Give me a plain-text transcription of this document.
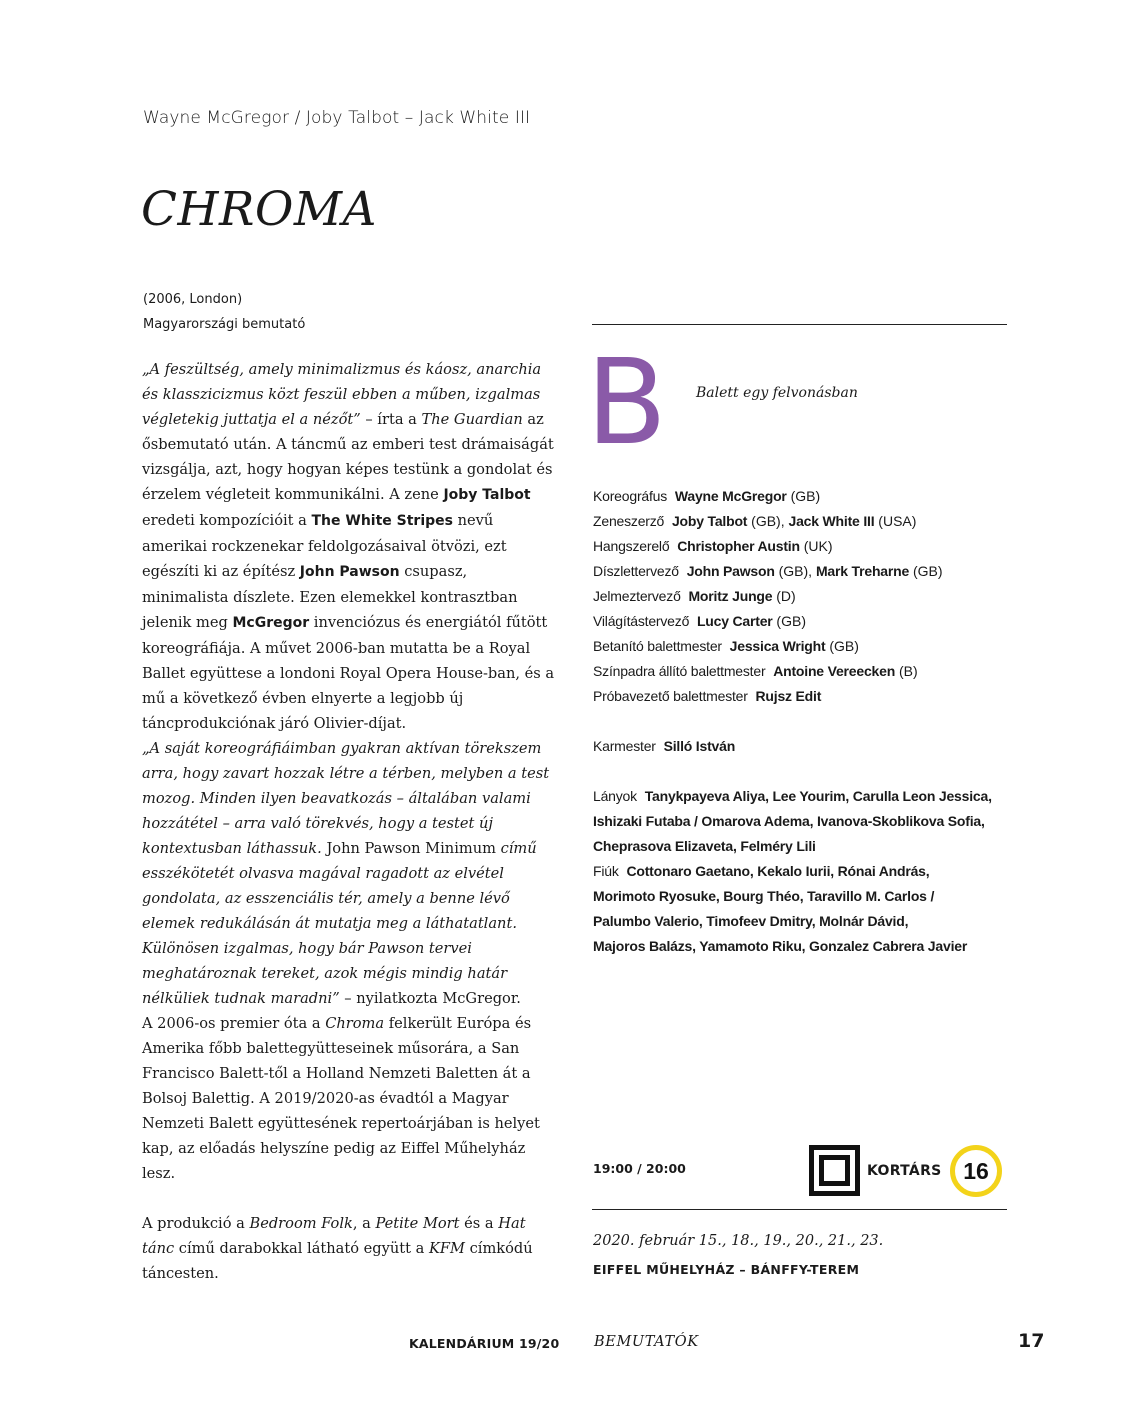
Wayne McGregor / Joby Talbot – Jack White III
CHROMA
(2006, London)
Magyarországi bemutató

„A feszültség, amely minimalizmus és káosz, anarchia és klasszicizmus közt feszül ebben a műben, izgalmas végletekig juttatja el a nézőt” – írta a The Guardian az ősbemutató után. A táncmű az emberi test drámaiságát vizsgálja, azt, hogy hogyan képes testünk a gondolat és érzelem végleteit kommunikálni. A zene Joby Talbot eredeti kompozícióit a The White Stripes nevű amerikai rockzenekar feldolgozásaival ötvözi, ezt egészíti ki az építész John Pawson csupasz, minimalista díszlete. Ezen elemekkel kontrasztban jelenik meg McGregor invenciózus és energiától fűtött koreográfiája. A művet 2006-ban mutatta be a Royal Ballet együttese a londoni Royal Opera House-ban, és a mű a következő évben elnyerte a legjobb új táncprodukciónak járó Olivier-díjat.

„A saját koreográfiáimban gyakran aktívan törekszem arra, hogy zavart hozzak létre a térben, melyben a test mozog. Minden ilyen beavatkozás – általában valami hozzátétel – arra való törekvés, hogy a testet új kontextusban láthassuk. John Pawson Minimum című esszékötetét olvasva magával ragadott az elvétel gondolata, az esszenciális tér, amely a benne lévő elemek redukálásán át mutatja meg a láthatatlant. Különösen izgalmas, hogy bár Pawson tervei meghatároznak tereket, azok mégis mindig határ nélküliek tudnak maradni” – nyilatkozta McGregor.

A 2006-os premier óta a Chroma felkerült Európa és Amerika főbb balettegyütteseinek műsorára, a San Francisco Balett-től a Holland Nemzeti Baletten át a Bolsoj Balettig. A 2019/2020-as évadtól a Magyar Nemzeti Balett együttesének repertoárjában is helyet kap, az előadás helyszíne pedig az Eiffel Műhelyház lesz.

A produkció a Bedroom Folk, a Petite Mort és a Hat tánc című darabokkal látható együtt a KFM címkódú táncesten.

B Balett egy felvonásban
Koreográfus Wayne McGregor (GB)
Zeneszerző Joby Talbot (GB), Jack White III (USA)
Hangszerelő Christopher Austin (UK)
Díszlettervező John Pawson (GB), Mark Treharne (GB)
Jelmeztervező Moritz Junge (D)
Világítástervező Lucy Carter (GB)
Betanító balettmester Jessica Wright (GB)
Színpadra állító balettmester Antoine Vereecken (B)
Próbavezető balettmester Rujsz Edit
Karmester Silló István
Lányok Tanykpayeva Aliya, Lee Yourim, Carulla Leon Jessica,
Ishizaki Futaba / Omarova Adema, Ivanova-Skoblikova Sofia,
Cheprasova Elizaveta, Felméry Lili
Fiúk Cottonaro Gaetano, Kekalo Iurii, Rónai András,
Morimoto Ryosuke, Bourg Théo, Taravillo M. Carlos /
Palumbo Valerio, Timofeev Dmitry, Molnár Dávid,
Majoros Balázs, Yamamoto Riku, Gonzalez Cabrera Javier
19:00 / 20:00	KORTÁRS 16
2020. február 15., 18., 19., 20., 21., 23.
EIFFEL MŰHELYHÁZ – BÁNFFY-TEREM
KALENDÁRIUM 19/20 BEMUTATÓK	17
